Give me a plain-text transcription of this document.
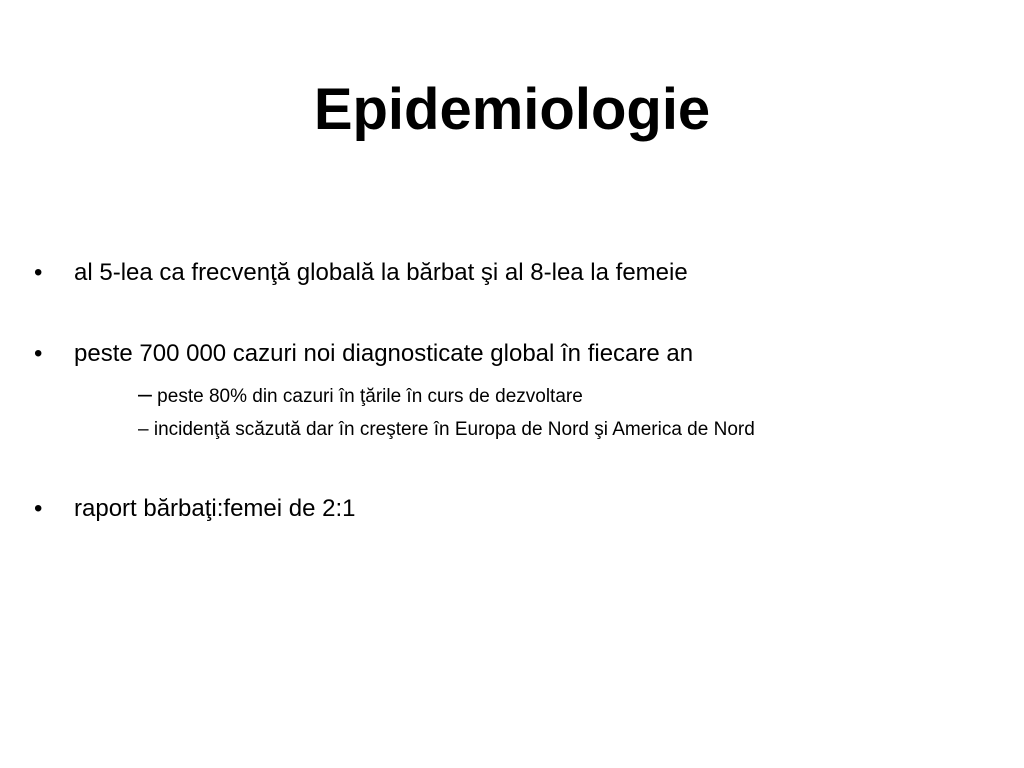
Epidemiologie
• al 5-lea ca frecvenţă globală la bărbat şi al 8-lea la femeie
• peste 700 000 cazuri noi diagnosticate global în fiecare an
– peste 80% din cazuri în ţările în curs de dezvoltare
– incidenţă scăzută dar în creştere în Europa de Nord şi America de Nord
• raport bărbaţi:femei de 2:1
